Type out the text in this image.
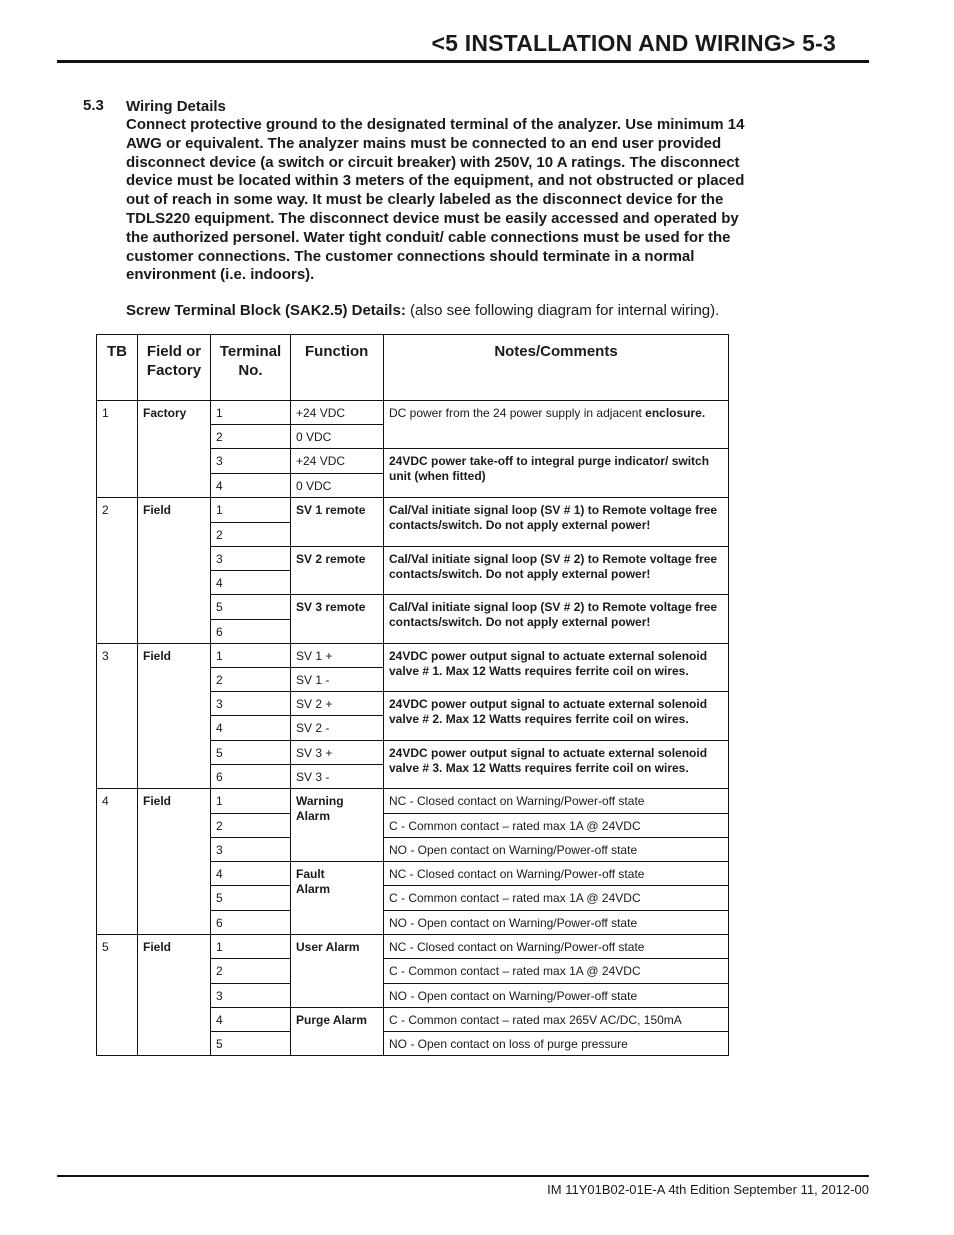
<5 INSTALLATION AND WIRING> 5-3
5.3 Wiring Details
Connect protective ground to the designated terminal of the analyzer. Use minimum 14 AWG or equivalent. The analyzer mains must be connected to an end user provided disconnect device (a switch or circuit breaker) with 250V, 10 A ratings. The disconnect device must be located within 3 meters of the equipment, and not obstructed or placed out of reach in some way. It must be clearly labeled as the disconnect device for the TDLS220 equipment. The disconnect device must be easily accessed and operated by the authorized personel. Water tight conduit/ cable connections must be used for the customer connections. The customer connections should terminate in a normal environment (i.e. indoors).
Screw Terminal Block (SAK2.5) Details: (also see following diagram for internal wiring).
TB	Field or Factory	Terminal No.	Function	Notes/Comments
1	Factory	1	+24 VDC	DC power from the 24 power supply in adjacent enclosure.
		2	0 VDC	
		3	+24 VDC	24VDC power take-off to integral purge indicator/ switch unit (when fitted)
		4	0 VDC	
2	Field	1	SV 1 remote	Cal/Val initiate signal loop (SV # 1) to Remote voltage free contacts/switch. Do not apply external power!
		2		
		3	SV 2 remote	Cal/Val initiate signal loop (SV # 2) to Remote voltage free contacts/switch. Do not apply external power!
		4		
		5	SV 3 remote	Cal/Val initiate signal loop (SV # 2) to Remote voltage free contacts/switch. Do not apply external power!
		6		
3	Field	1	SV 1 +	24VDC power output signal to actuate external solenoid valve # 1. Max 12 Watts requires ferrite coil on wires.
		2	SV 1 -	
		3	SV 2 +	24VDC power output signal to actuate external solenoid valve # 2. Max 12 Watts requires ferrite coil on wires.
		4	SV 2 -	
		5	SV 3 +	24VDC power output signal to actuate external solenoid valve # 3. Max 12 Watts requires ferrite coil on wires.
		6	SV 3 -	
4	Field	1	Warning Alarm	NC - Closed contact on Warning/Power-off state
		2		C - Common contact – rated max 1A @ 24VDC
		3		NO - Open contact on Warning/Power-off state
		4	Fault Alarm	NC - Closed contact on Warning/Power-off state
		5		C - Common contact – rated max 1A @ 24VDC
		6		NO - Open contact on Warning/Power-off state
5	Field	1	User Alarm	NC - Closed contact on Warning/Power-off state
		2		C - Common contact – rated max 1A @ 24VDC
		3		NO - Open contact on Warning/Power-off state
		4	Purge Alarm	C - Common contact – rated max 265V AC/DC, 150mA
		5		NO - Open contact on loss of purge pressure
IM 11Y01B02-01E-A 4th Edition September 11, 2012-00
